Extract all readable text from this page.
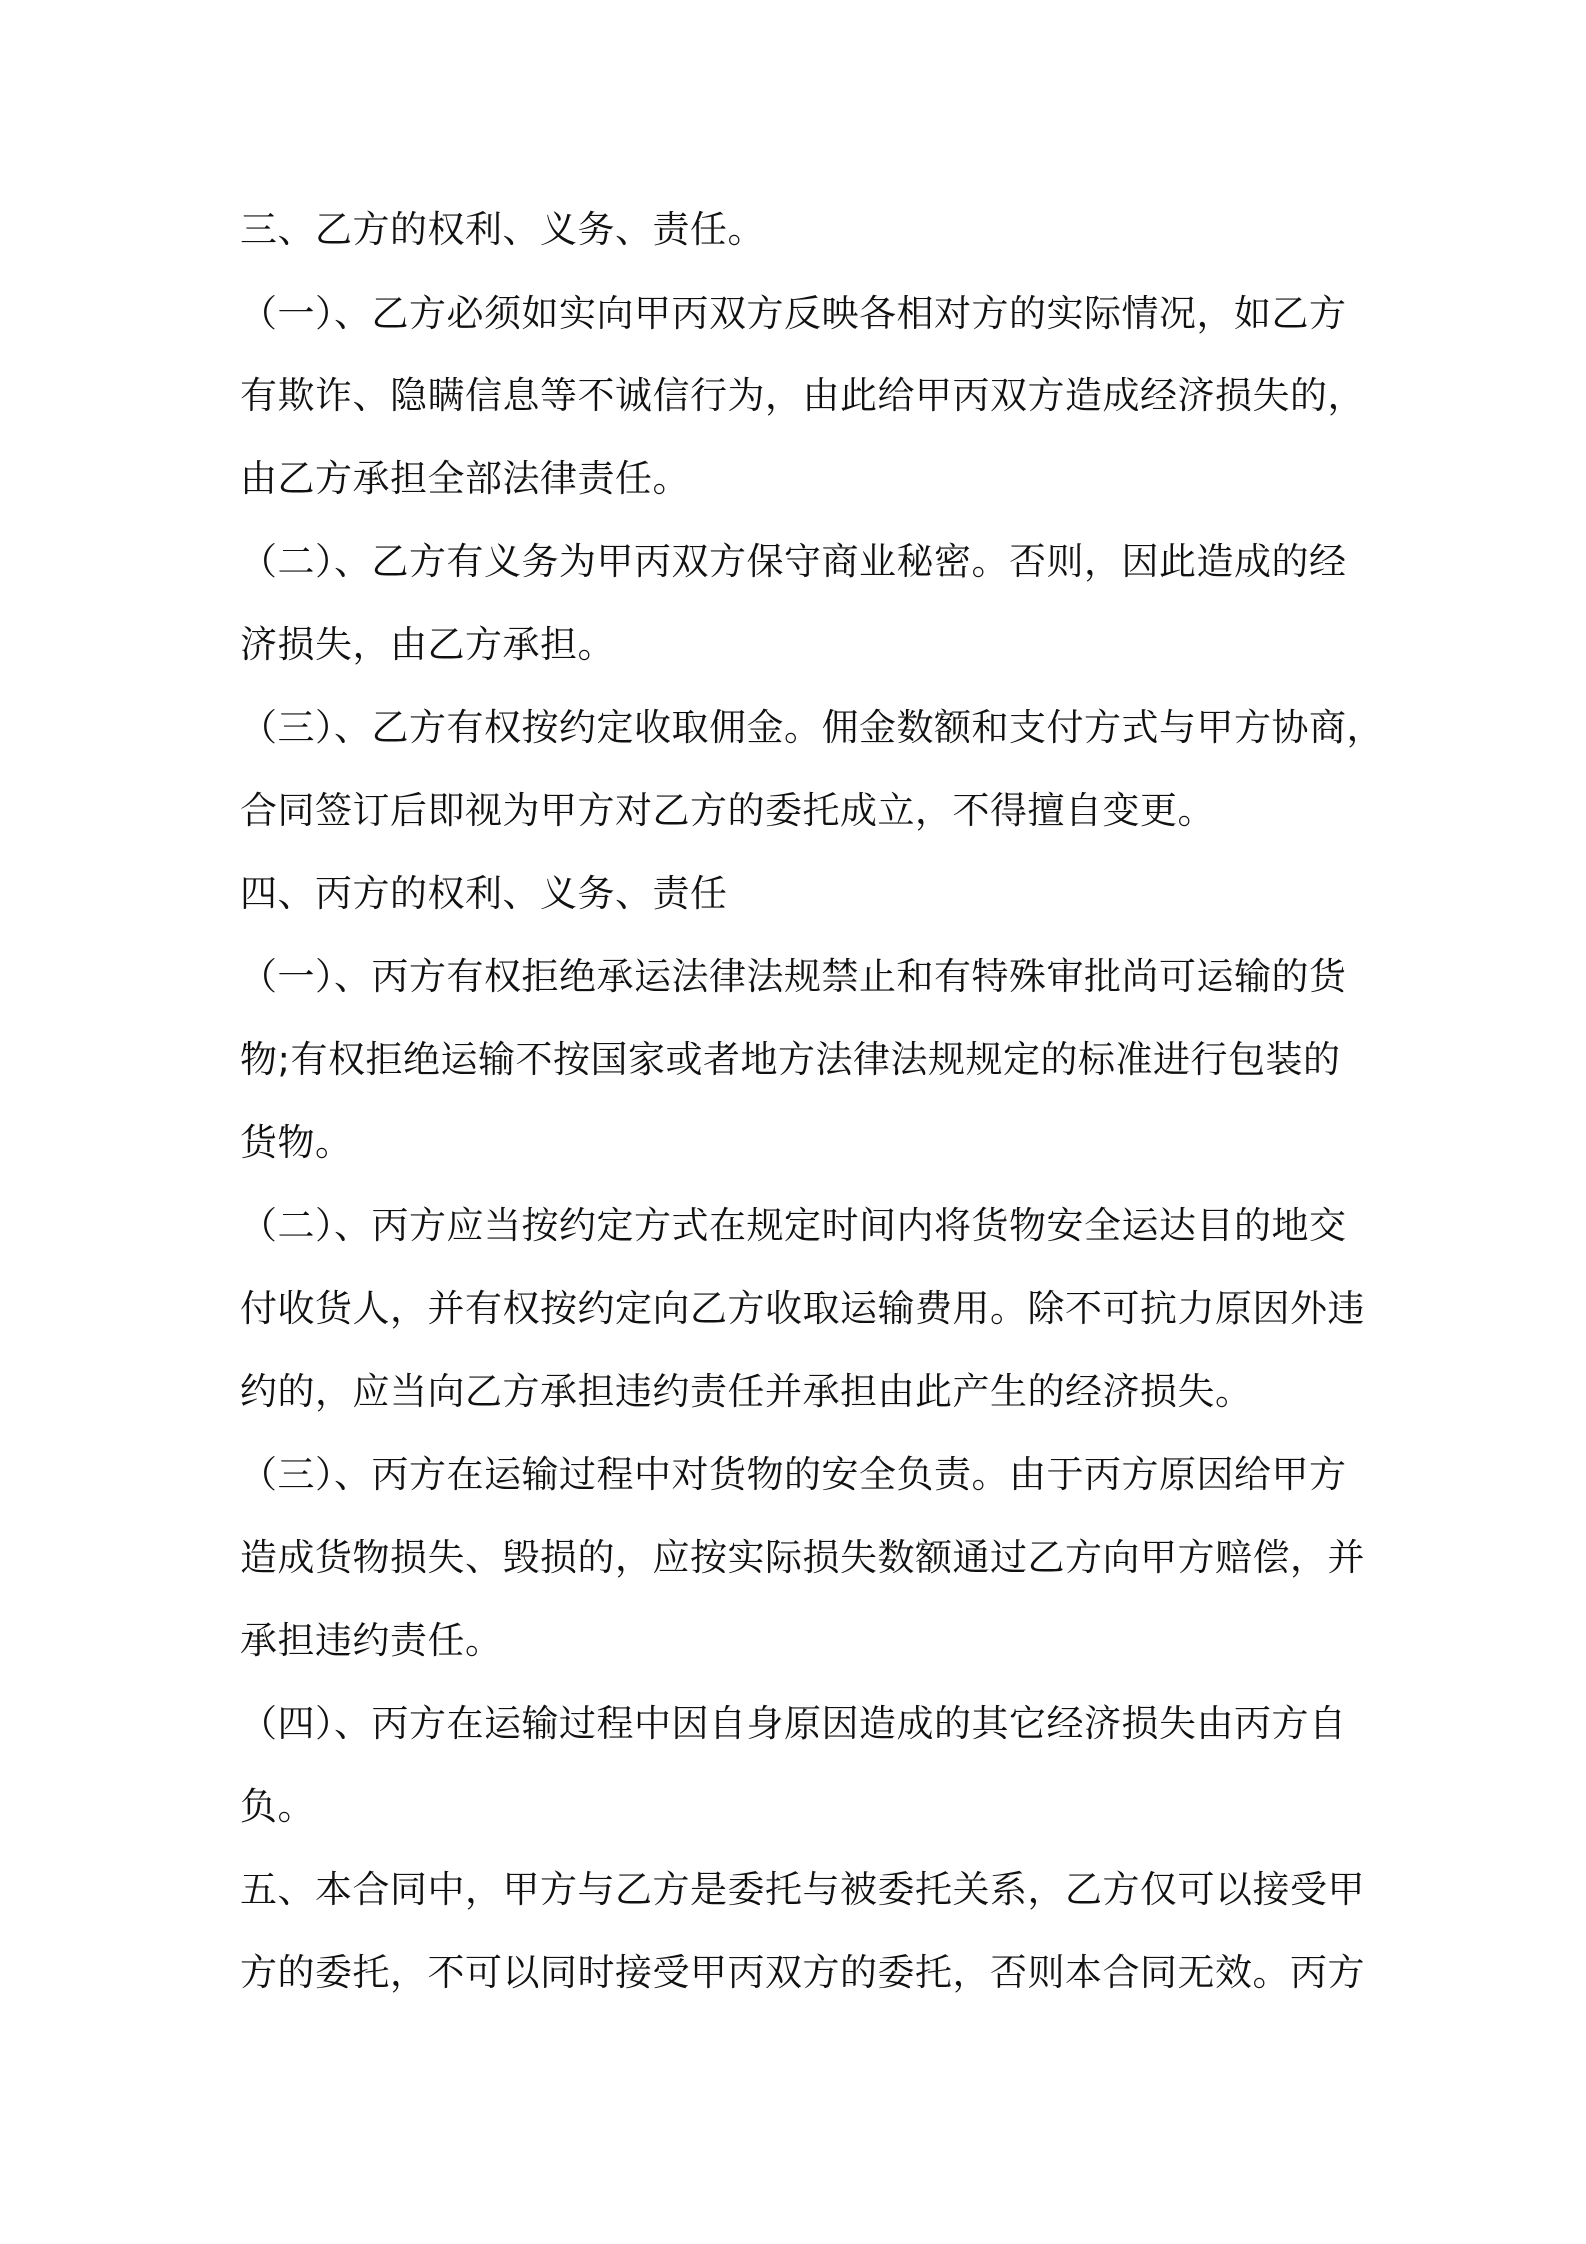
三、乙方的权利、义务、责任。
（一）、乙方必须如实向甲丙双方反映各相对方的实际情况，如乙方
有欺诈、隐瞒信息等不诚信行为，由此给甲丙双方造成经济损失的，
由乙方承担全部法律责任。
（二）、乙方有义务为甲丙双方保守商业秘密。否则，因此造成的经
济损失，由乙方承担。
（三）、乙方有权按约定收取佣金。佣金数额和支付方式与甲方协商，
合同签订后即视为甲方对乙方的委托成立，不得擅自变更。
四、丙方的权利、义务、责任
（一）、丙方有权拒绝承运法律法规禁止和有特殊审批尚可运输的货
物;有权拒绝运输不按国家或者地方法律法规规定的标准进行包装的
货物。
（二）、丙方应当按约定方式在规定时间内将货物安全运达目的地交
付收货人，并有权按约定向乙方收取运输费用。除不可抗力原因外违
约的，应当向乙方承担违约责任并承担由此产生的经济损失。
（三）、丙方在运输过程中对货物的安全负责。由于丙方原因给甲方
造成货物损失、毁损的，应按实际损失数额通过乙方向甲方赔偿，并
承担违约责任。
（四）、丙方在运输过程中因自身原因造成的其它经济损失由丙方自
负。
五、本合同中，甲方与乙方是委托与被委托关系，乙方仅可以接受甲
方的委托，不可以同时接受甲丙双方的委托，否则本合同无效。丙方
